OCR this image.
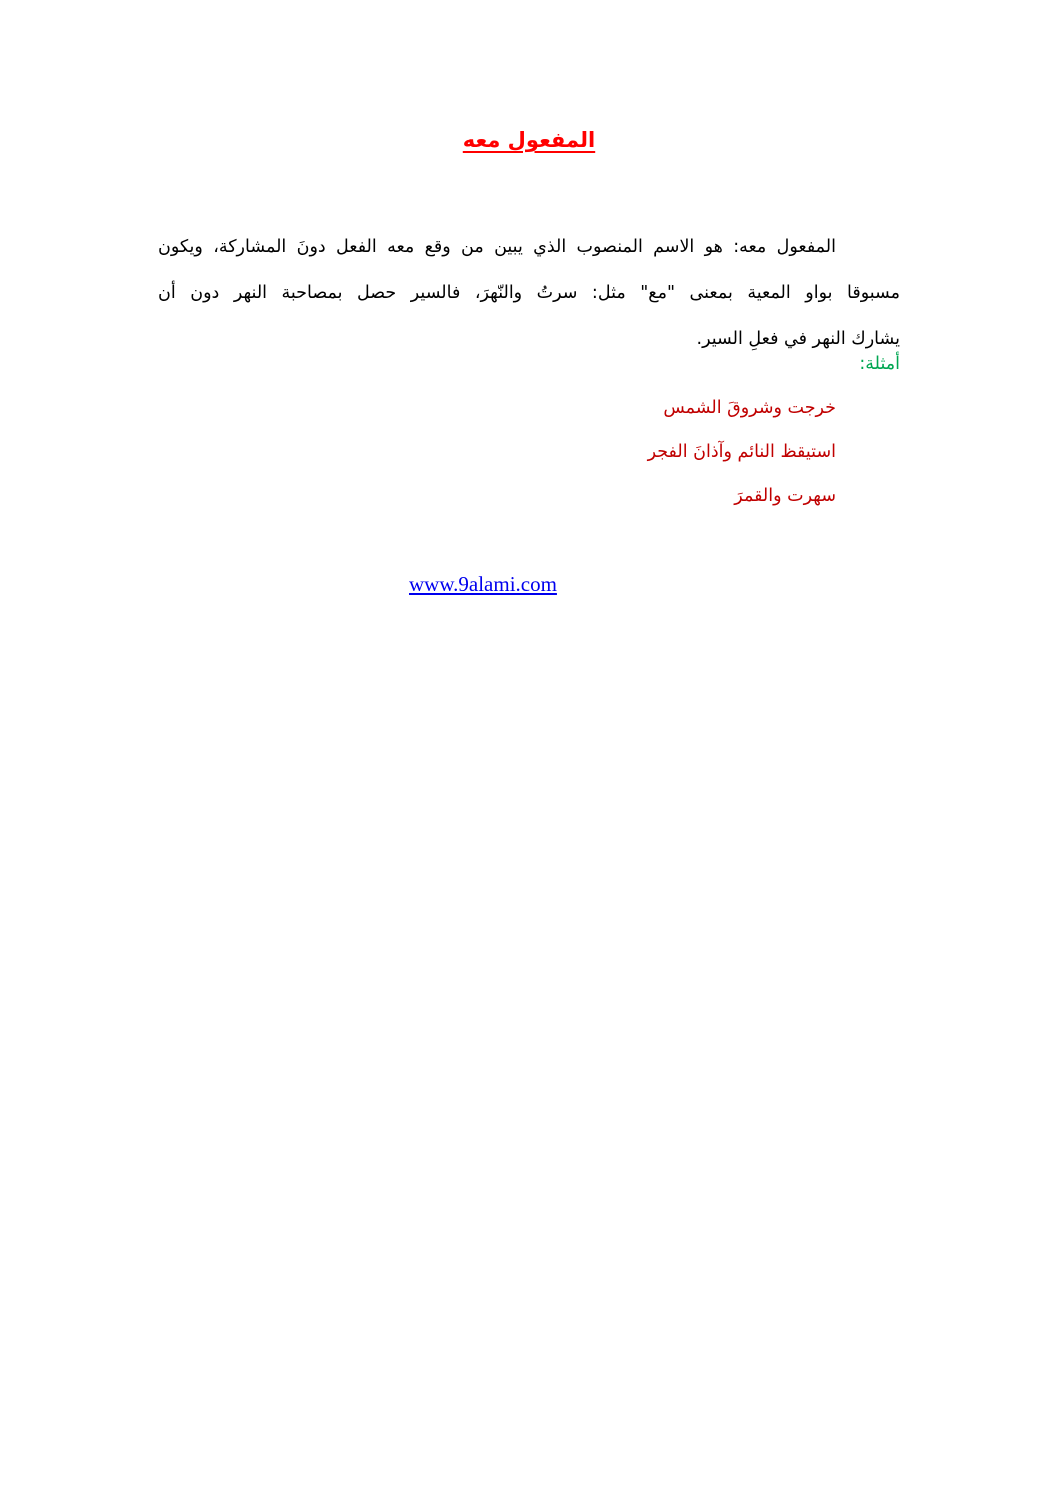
المفعول معه
المفعول معه: هو الاسم المنصوب الذي يبين من وقع معه الفعل دونَ المشاركة، ويكون
مسبوقا بواو المعية بمعنى "مع" مثل: سرتُ والنّهرَ، فالسير حصل بمصاحبة النهر دون أن
يشارك النهر في فعلِ السير.
أمثلة:
خرجت وشروقَ الشمس
استيقظ النائم وآذانَ الفجر
سهرت والقمرَ
www.9alami.com
